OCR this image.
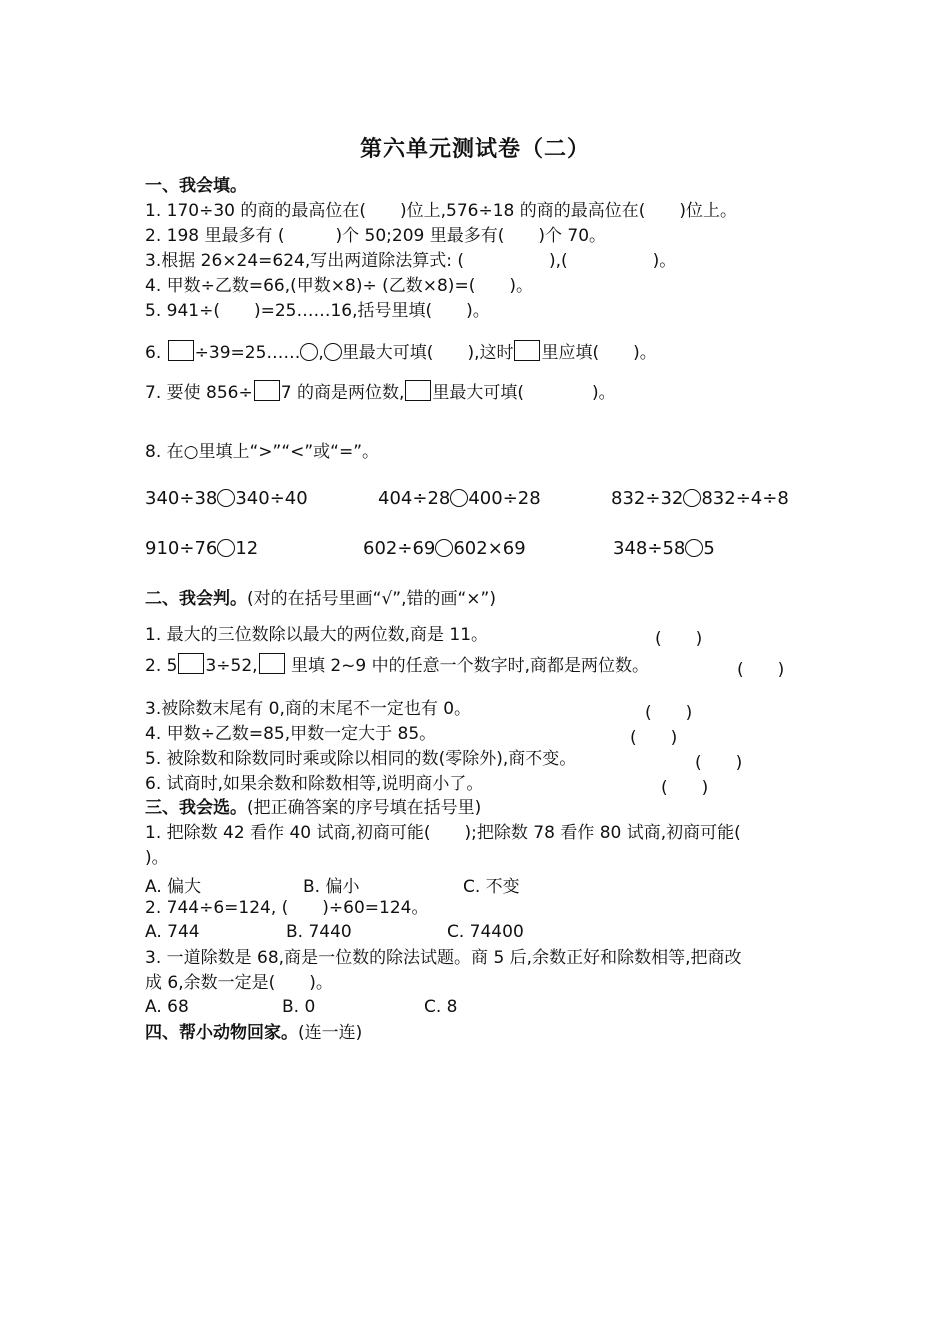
第六单元测试卷（二）
一、我会填。
1. 170÷30 的商的最高位在(　　)位上,576÷18 的商的最高位在(　　)位上。
2. 198 里最多有 (　　　)个 50;209 里最多有(　　)个 70。
3.根据 26×24=624,写出两道除法算式: (　　　　　),(　　　　　)。
4. 甲数÷乙数=66,(甲数×8)÷ (乙数×8)=(　　)。
5. 941÷(　　)=25……16,括号里填(　　)。
6. ÷39=25…… , 里最大可填(　　),这时 里应填(　　)。
7. 要使 856÷ 7 的商是两位数, 里最大可填(　　　　)。
8. 在○里填上“>”“<”或“=”。
340÷38 340÷40	404÷28 400÷28	832÷32 832÷4÷8
910÷76 12	602÷69 602×69	348÷58 5
二、我会判。(对的在括号里画“√”,错的画“×”)
1. 最大的三位数除以最大的两位数,商是 11。	(　　)
2. 5 3÷52, 里填 2~9 中的任意一个数字时,商都是两位数。	(　　)
3.被除数末尾有 0,商的末尾不一定也有 0。	(　　)
4. 甲数÷乙数=85,甲数一定大于 85。	(　　)
5. 被除数和除数同时乘或除以相同的数(零除外),商不变。	(　　)
6. 试商时,如果余数和除数相等,说明商小了。	(　　)
三、我会选。(把正确答案的序号填在括号里)
1. 把除数 42 看作 40 试商,初商可能(　　);把除数 78 看作 80 试商,初商可能(
)。
A. 偏大	B. 偏小	C. 不变
2. 744÷6=124, (　　)÷60=124。
A. 744	B. 7440	C. 74400
3. 一道除数是 68,商是一位数的除法试题。商 5 后,余数正好和除数相等,把商改
成 6,余数一定是(　　)。
A. 68	B. 0	C. 8
四、帮小动物回家。(连一连)
